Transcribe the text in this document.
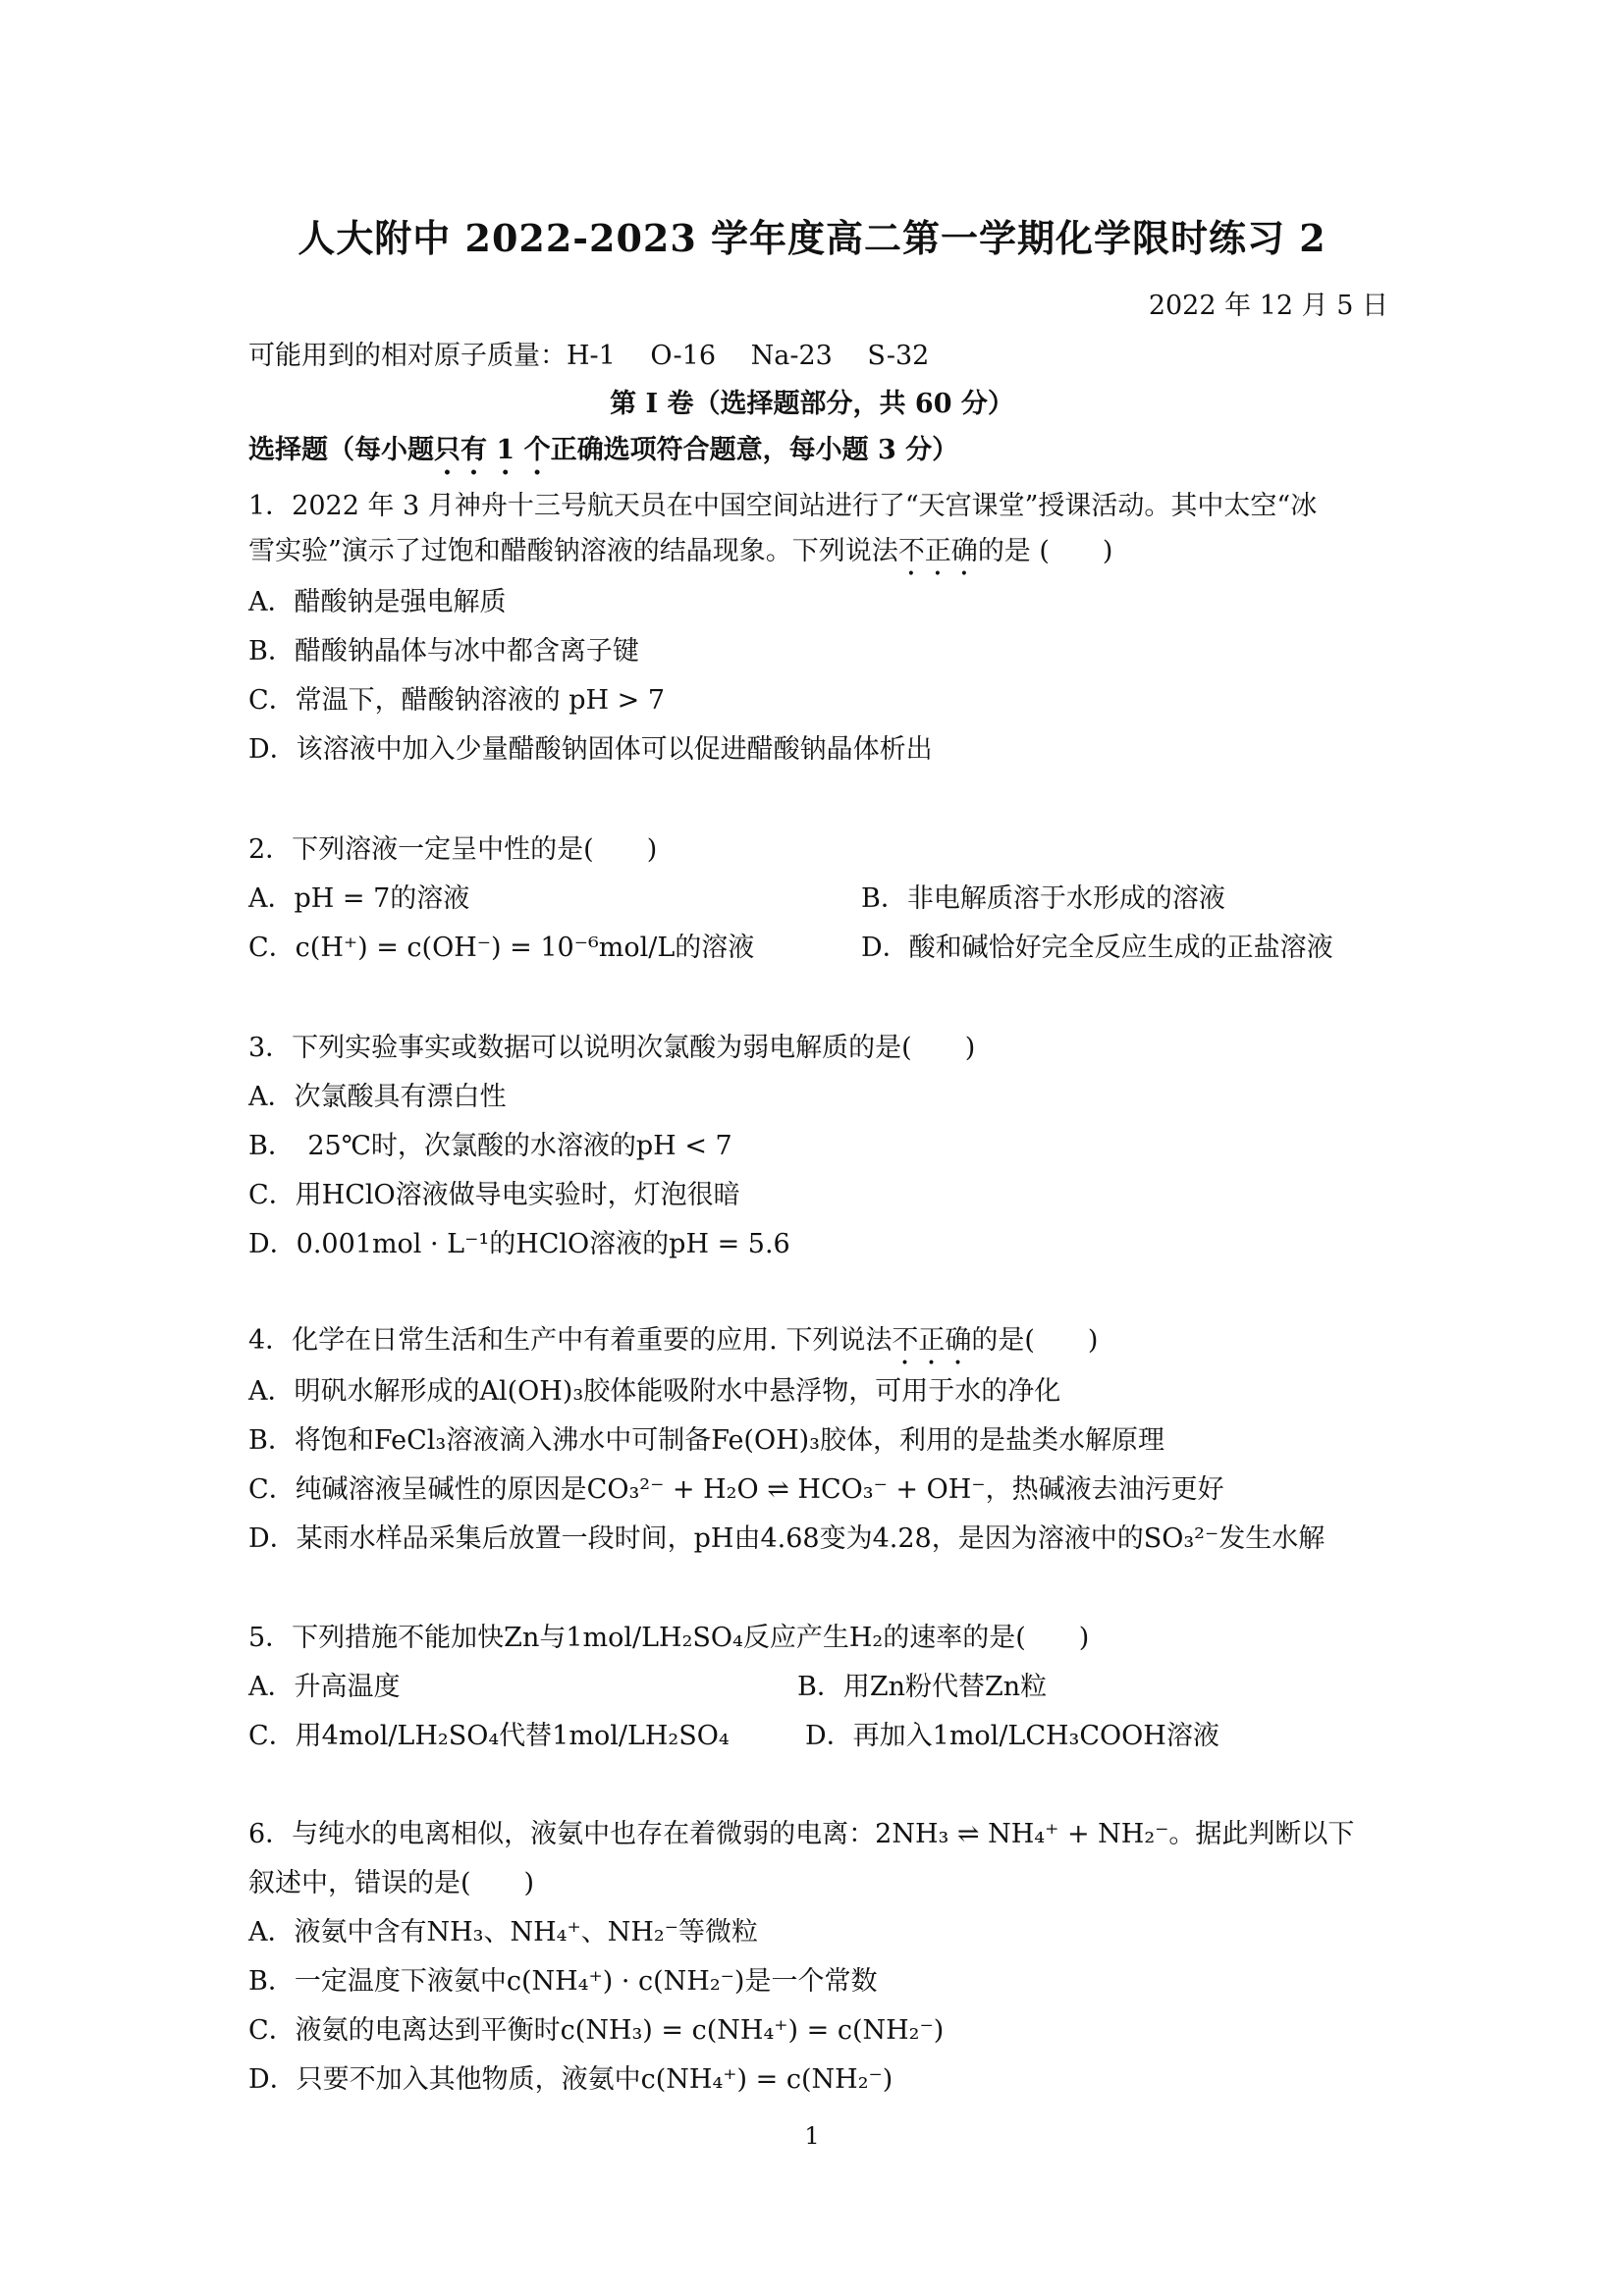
人大附中 2022-2023 学年度高二第一学期化学限时练习 2
2022 年 12 月 5 日
可能用到的相对原子质量：H-1　 O-16　 Na-23　 S-32
第 I 卷（选择题部分，共 60 分）
选择题（每小题只有 1 个正确选项符合题意，每小题 3 分）
1．2022 年 3 月神舟十三号航天员在中国空间站进行了“天宫课堂”授课活动。其中太空“冰
雪实验”演示了过饱和醋酸钠溶液的结晶现象。下列说法不正确的是 (　　)
A．醋酸钠是强电解质
B．醋酸钠晶体与冰中都含离子键
C．常温下，醋酸钠溶液的 pH > 7
D．该溶液中加入少量醋酸钠固体可以促进醋酸钠晶体析出
2．下列溶液一定呈中性的是(　　)
A．pH = 7的溶液	B．非电解质溶于水形成的溶液
C．c(H⁺) = c(OH⁻) = 10⁻⁶mol/L的溶液	D．酸和碱恰好完全反应生成的正盐溶液
3．下列实验事实或数据可以说明次氯酸为弱电解质的是(　　)
A．次氯酸具有漂白性
B．　25℃时，次氯酸的水溶液的pH < 7
C．用HClO溶液做导电实验时，灯泡很暗
D．0.001mol · L⁻¹的HClO溶液的pH = 5.6
4．化学在日常生活和生产中有着重要的应用. 下列说法不正确的是(　　)
A．明矾水解形成的Al(OH)₃胶体能吸附水中悬浮物，可用于水的净化
B．将饱和FeCl₃溶液滴入沸水中可制备Fe(OH)₃胶体，利用的是盐类水解原理
C．纯碱溶液呈碱性的原因是CO₃²⁻ + H₂O ⇌ HCO₃⁻ + OH⁻，热碱液去油污更好
D．某雨水样品采集后放置一段时间，pH由4.68变为4.28，是因为溶液中的SO₃²⁻发生水解
5．下列措施不能加快Zn与1mol/LH₂SO₄反应产生H₂的速率的是(　　)
A．升高温度	B．用Zn粉代替Zn粒
C．用4mol/LH₂SO₄代替1mol/LH₂SO₄	D．再加入1mol/LCH₃COOH溶液
6．与纯水的电离相似，液氨中也存在着微弱的电离：2NH₃ ⇌ NH₄⁺ + NH₂⁻。据此判断以下
叙述中，错误的是(　　)
A．液氨中含有NH₃、NH₄⁺、NH₂⁻等微粒
B．一定温度下液氨中c(NH₄⁺) · c(NH₂⁻)是一个常数
C．液氨的电离达到平衡时c(NH₃) = c(NH₄⁺) = c(NH₂⁻)
D．只要不加入其他物质，液氨中c(NH₄⁺) = c(NH₂⁻)
1
